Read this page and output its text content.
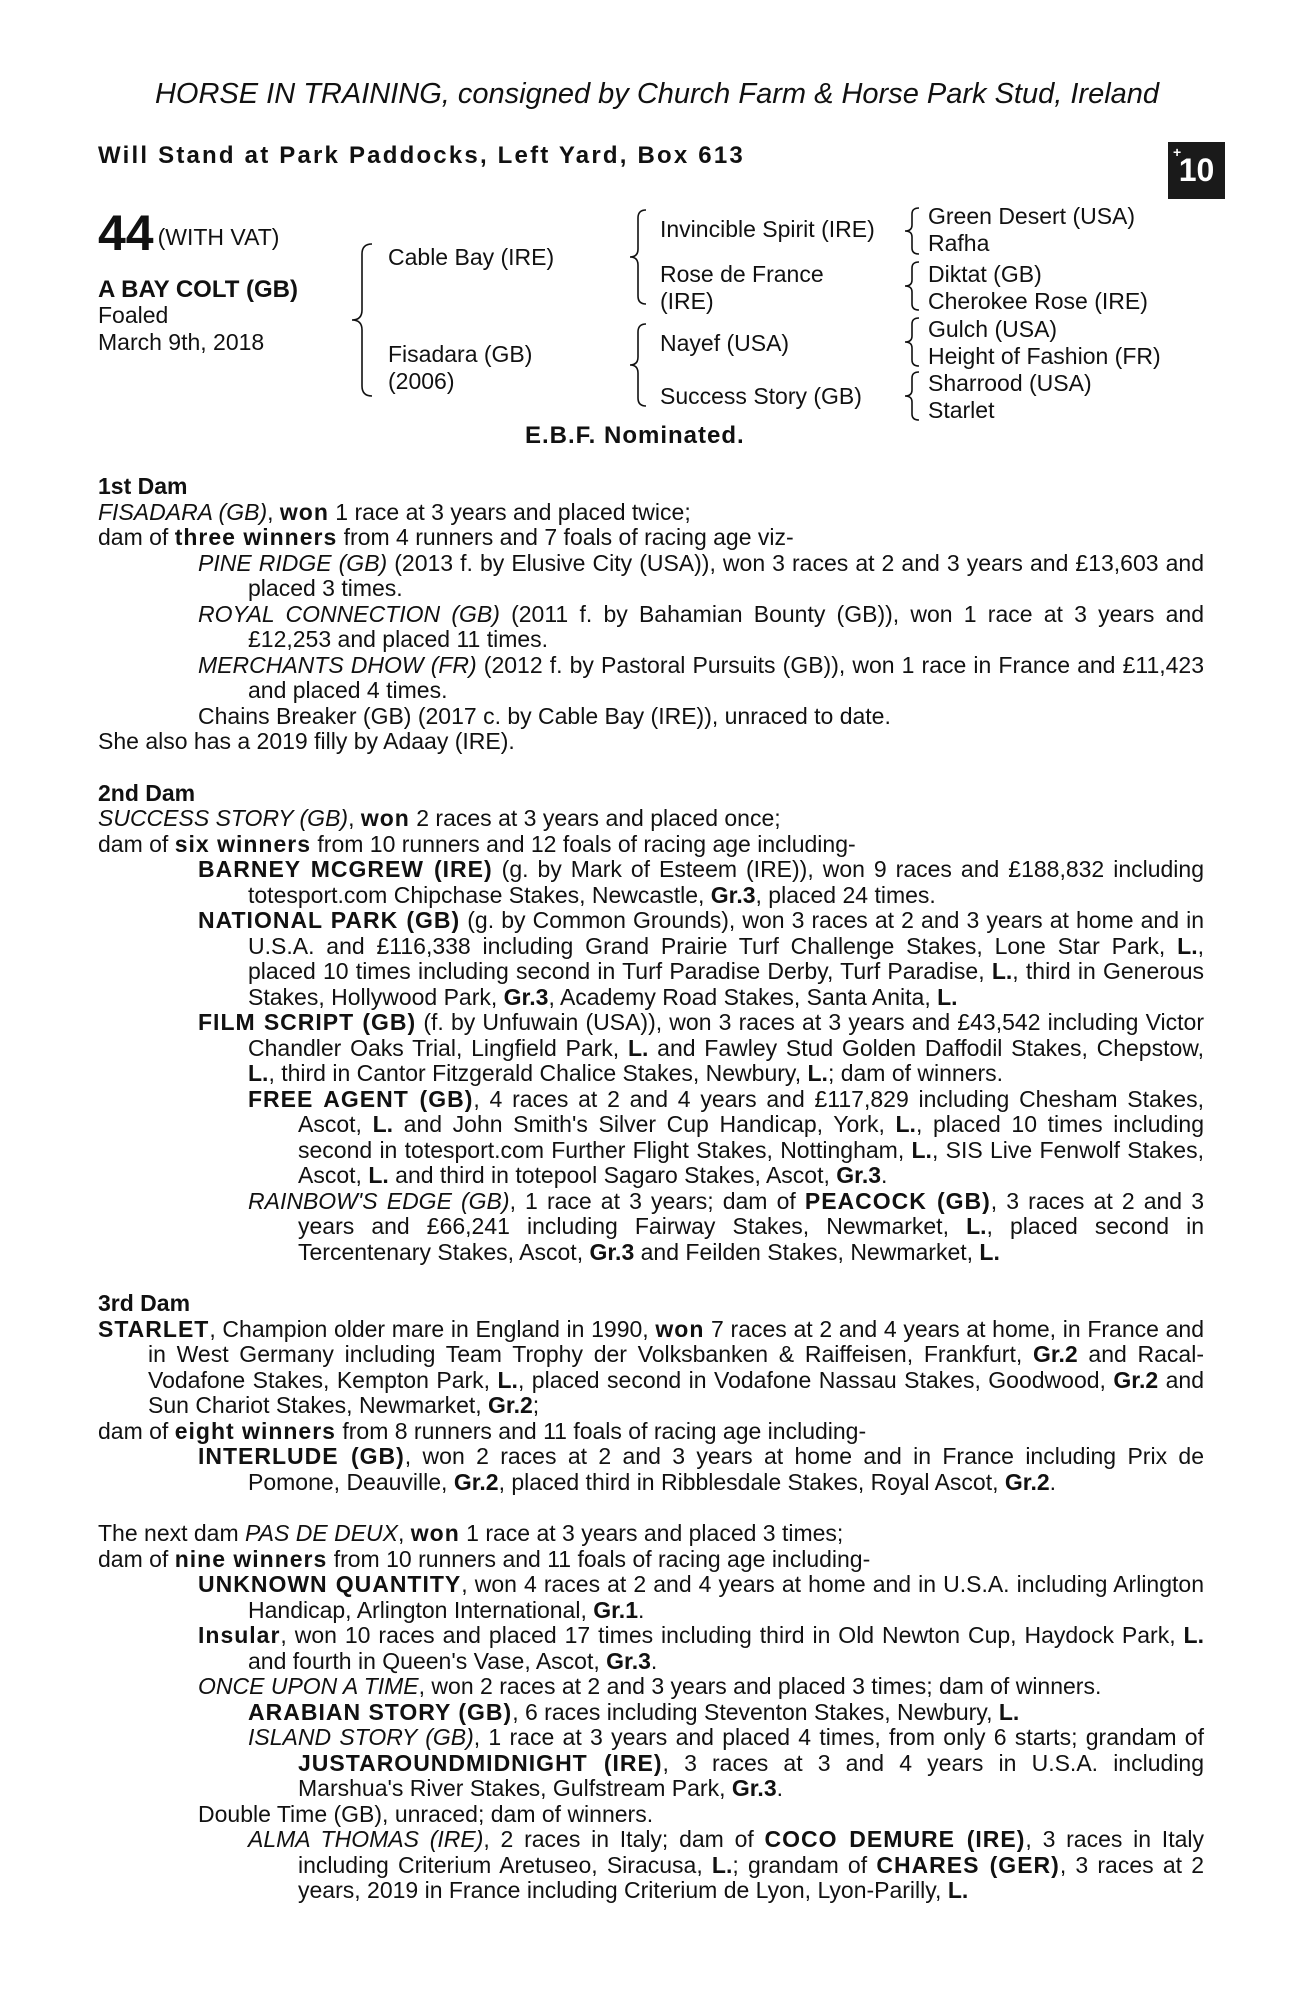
HORSE IN TRAINING, consigned by Church Farm & Horse Park Stud, Ireland
Will Stand at Park Paddocks, Left Yard, Box 613	+
10
44 (WITH VAT)
A BAY COLT (GB)
Foaled
March 9th, 2018
Cable Bay (IRE)
Fisadara (GB)
(2006)
Invincible Spirit (IRE)
Rose de France
(IRE)
Nayef (USA)
Success Story (GB)
Green Desert (USA)
Rafha
Diktat (GB)
Cherokee Rose (IRE)
Gulch (USA)
Height of Fashion (FR)
Sharrood (USA)
Starlet
E.B.F. Nominated.

1st Dam

FISADARA (GB), won 1 race at 3 years and placed twice;

dam of three winners from 4 runners and 7 foals of racing age viz-

PINE RIDGE (GB) (2013 f. by Elusive City (USA)), won 3 races at 2 and 3 years and £13,603 and placed 3 times.

ROYAL CONNECTION (GB) (2011 f. by Bahamian Bounty (GB)), won 1 race at 3 years and £12,253 and placed 11 times.

MERCHANTS DHOW (FR) (2012 f. by Pastoral Pursuits (GB)), won 1 race in France and £11,423 and placed 4 times.

Chains Breaker (GB) (2017 c. by Cable Bay (IRE)), unraced to date.

She also has a 2019 filly by Adaay (IRE).

2nd Dam

SUCCESS STORY (GB), won 2 races at 3 years and placed once;

dam of six winners from 10 runners and 12 foals of racing age including-

BARNEY MCGREW (IRE) (g. by Mark of Esteem (IRE)), won 9 races and £188,832 including totesport.com Chipchase Stakes, Newcastle, Gr.3, placed 24 times.

NATIONAL PARK (GB) (g. by Common Grounds), won 3 races at 2 and 3 years at home and in U.S.A. and £116,338 including Grand Prairie Turf Challenge Stakes, Lone Star Park, L., placed 10 times including second in Turf Paradise Derby, Turf Paradise, L., third in Generous Stakes, Hollywood Park, Gr.3, Academy Road Stakes, Santa Anita, L.

FILM SCRIPT (GB) (f. by Unfuwain (USA)), won 3 races at 3 years and £43,542 including Victor Chandler Oaks Trial, Lingfield Park, L. and Fawley Stud Golden Daffodil Stakes, Chepstow, L., third in Cantor Fitzgerald Chalice Stakes, Newbury, L.; dam of winners.

FREE AGENT (GB), 4 races at 2 and 4 years and £117,829 including Chesham Stakes, Ascot, L. and John Smith's Silver Cup Handicap, York, L., placed 10 times including second in totesport.com Further Flight Stakes, Nottingham, L., SIS Live Fenwolf Stakes, Ascot, L. and third in totepool Sagaro Stakes, Ascot, Gr.3.

RAINBOW'S EDGE (GB), 1 race at 3 years; dam of PEACOCK (GB), 3 races at 2 and 3 years and £66,241 including Fairway Stakes, Newmarket, L., placed second in Tercentenary Stakes, Ascot, Gr.3 and Feilden Stakes, Newmarket, L.

3rd Dam

STARLET, Champion older mare in England in 1990, won 7 races at 2 and 4 years at home, in France and in West Germany including Team Trophy der Volksbanken & Raiffeisen, Frankfurt, Gr.2 and Racal-Vodafone Stakes, Kempton Park, L., placed second in Vodafone Nassau Stakes, Goodwood, Gr.2 and Sun Chariot Stakes, Newmarket, Gr.2;

dam of eight winners from 8 runners and 11 foals of racing age including-

INTERLUDE (GB), won 2 races at 2 and 3 years at home and in France including Prix de Pomone, Deauville, Gr.2, placed third in Ribblesdale Stakes, Royal Ascot, Gr.2.

The next dam PAS DE DEUX, won 1 race at 3 years and placed 3 times;

dam of nine winners from 10 runners and 11 foals of racing age including-

UNKNOWN QUANTITY, won 4 races at 2 and 4 years at home and in U.S.A. including Arlington Handicap, Arlington International, Gr.1.

Insular, won 10 races and placed 17 times including third in Old Newton Cup, Haydock Park, L. and fourth in Queen's Vase, Ascot, Gr.3.

ONCE UPON A TIME, won 2 races at 2 and 3 years and placed 3 times; dam of winners.

ARABIAN STORY (GB), 6 races including Steventon Stakes, Newbury, L.

ISLAND STORY (GB), 1 race at 3 years and placed 4 times, from only 6 starts; grandam of JUSTAROUNDMIDNIGHT (IRE), 3 races at 3 and 4 years in U.S.A. including Marshua's River Stakes, Gulfstream Park, Gr.3.

Double Time (GB), unraced; dam of winners.

ALMA THOMAS (IRE), 2 races in Italy; dam of COCO DEMURE (IRE), 3 races in Italy including Criterium Aretuseo, Siracusa, L.; grandam of CHARES (GER), 3 races at 2 years, 2019 in France including Criterium de Lyon, Lyon-Parilly, L.
